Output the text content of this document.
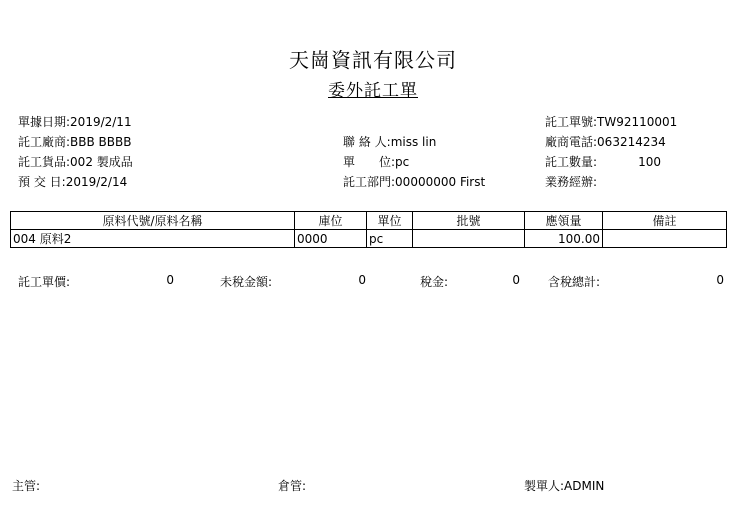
天崗資訊有限公司
委外託工單
單據日期:2019/2/11
託工廠商:BBB BBBB
託工貨品:002 製成品
預 交 日:2019/2/14
聯 絡 人:miss lin
單　　位:pc
託工部門:00000000 First
託工單號:TW92110001
廠商電話:063214234
託工數量:	100
業務經辦:
原料代號/原料名稱	庫位	單位	批號	應領量	備註
004 原料2	0000	pc		100.00	
託工單價:	0	未稅金額:	0	稅金:	0 含稅總計:	0
主管:	倉管:	製單人:ADMIN
